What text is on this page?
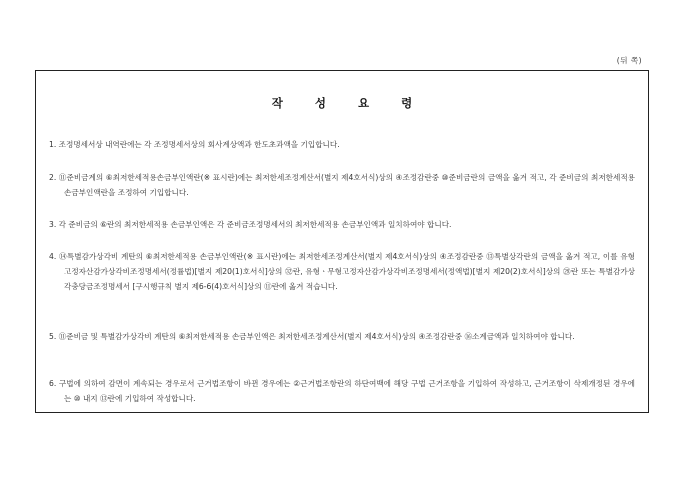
(뒤 쪽)
작 성 요 령

1. 조정명세서상 내역란에는 각 조정명세서상의 회사계상액과 한도초과액을 기입합니다.

2. ⑪준비금계의 ⑥최저한세적용손금부인액란(※ 표시란)에는 최저한세조정계산서(별지 제4호서식)상의 ④조정감란중 ⑩준비금란의 금액을 옮겨 적고, 각 준비금의 최저한세적용 손금부인액란을 조정하여 기입합니다.

3. 각 준비금의 ⑥란의 최저한세적용 손금부인액은 각 준비금조정명세서의 최저한세적용 손금부인액과 일치하여야 합니다.

4. ⑭특별감가상각비 계탄의 ⑥최저한세적용 손금부인액란(※ 표시란)에는 최저한세조정계산서(별지 제4호서식)상의 ④조정감란중 ⑬특별상각란의 금액을 옮겨 적고, 이를 유형고정자산감가상각비조정명세서(정률법)[별지 제20(1)호서식]상의 ㉜란, 유형ㆍ무형고정자산감가상각비조정명세서(정액법)[별지 제20(2)호서식]상의 ㉘란 또는 특별감가상각충당금조정명세서 [구시행규칙 별지 제6-6(4)호서식]상의 ⑪란에 옮겨 적습니다.

5. ⑪준비금 및 특별감가상각비 계탄의 ⑥최저한세적용 손금부인액은 최저한세조정계산서(별지 제4호서식)상의 ④조정감란중 ⑯소계금액과 일치하여야 합니다.

6. 구법에 의하여 감면이 계속되는 경우로서 근거법조항이 바뀐 경우에는 ②근거법조항란의 하단여백에 해당 구법 근거조항을 기입하여 작성하고, 근거조항이 삭제개정된 경우에는 ⑩ 내지 ⑬란에 기입하여 작성합니다.
